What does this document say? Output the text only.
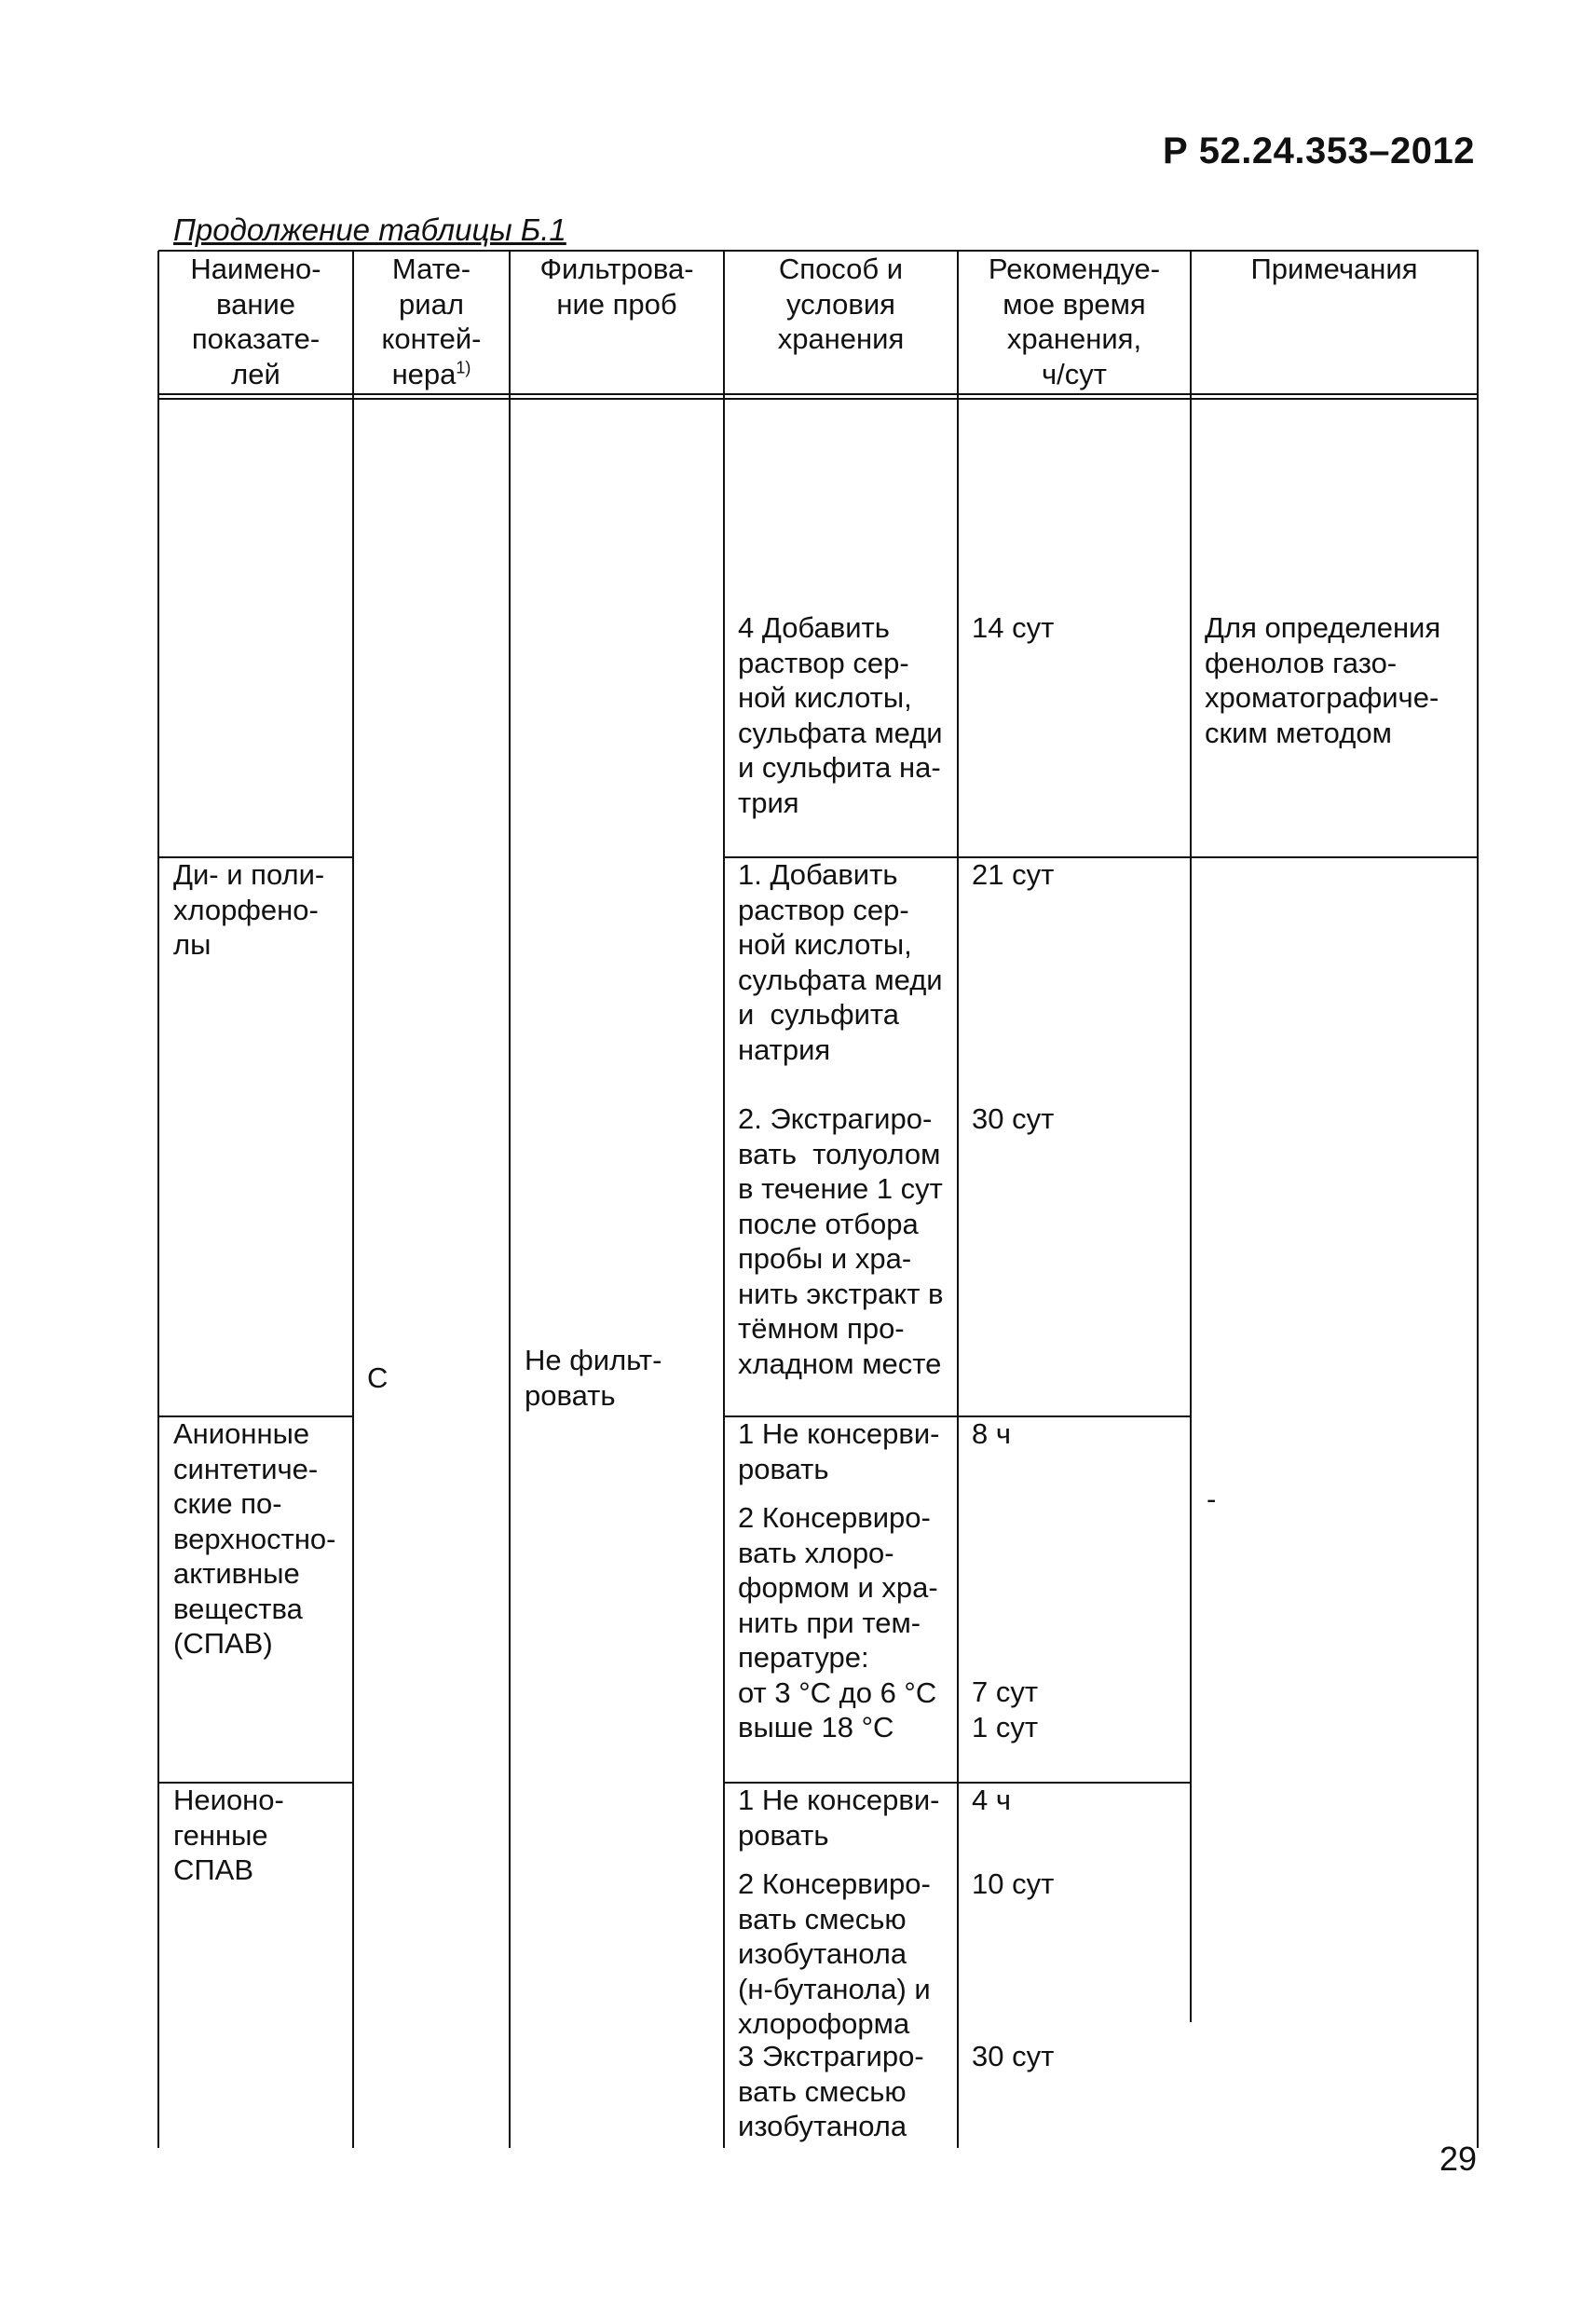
Р 52.24.353–2012
Продолжение таблицы Б.1
Наимено-
вание
показате-
лей
Мате-
риал
контей-
нера$^{1)}$
Фильтрова-
ние проб
Способ и
условия
хранения
Рекомендуе-
мое время
хранения,
ч/сут
Примечания
С
Не фильт-
ровать
4 Добавить
раствор сер-
ной кислоты,
сульфата меди
и сульфита на-
трия
14 сут	Для определения
фенолов газо-
хроматографиче-
ским методом
Ди- и поли-
хлорфено-
лы
1. Добавить
раствор сер-
ной кислоты,
сульфата меди
и  сульфита
натрия
21 сут
2. Экстрагиро-
вать  толуолом
в течение 1 сут
после отбора
пробы и хра-
нить экстракт в
тёмном про-
хладном месте
30 сут
-
Анионные
синтетиче-
ские по-
верхностно-
активные
вещества
(СПАВ)
1 Не консерви-
ровать
8 ч
2 Консервиро-
вать хлоро-
формом и хра-
нить при тем-
пературе:
от 3 °С до 6 °С
выше 18 °С
7 сут
1 сут
Неионо-
генные
СПАВ
1 Не консерви-
ровать
4 ч
2 Консервиро-
вать смесью
изобутанола
(н-бутанола) и
хлороформа
10 сут
3 Экстрагиро-
вать смесью
изобутанола
30 сут
29
